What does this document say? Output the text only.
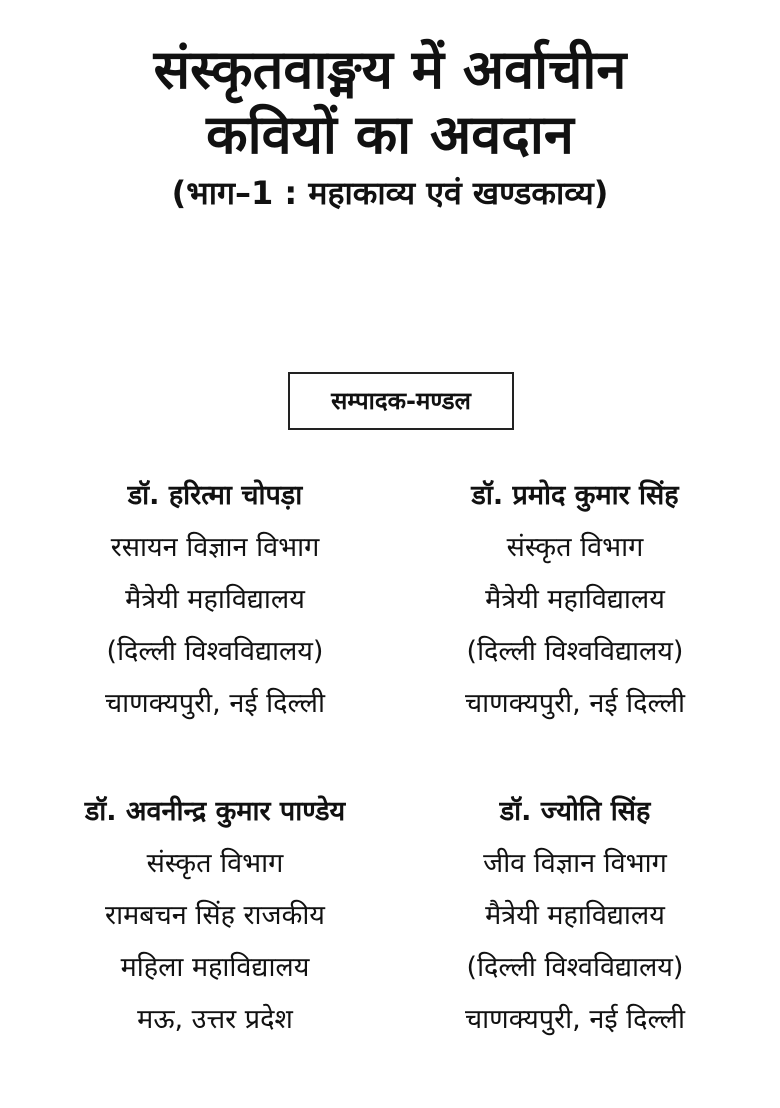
संस्कृतवाङ्मय में अर्वाचीन
कवियों का अवदान
(भाग–1 : महाकाव्य एवं खण्डकाव्य)
सम्पादक-मण्डल
डॉ. हरित्मा चोपड़ा
रसायन विज्ञान विभाग
मैत्रेयी महाविद्यालय
(दिल्ली विश्वविद्यालय)
चाणक्यपुरी, नई दिल्ली
डॉ. प्रमोद कुमार सिंह
संस्कृत विभाग
मैत्रेयी महाविद्यालय
(दिल्ली विश्वविद्यालय)
चाणक्यपुरी, नई दिल्ली
डॉ. अवनीन्द्र कुमार पाण्डेय
संस्कृत विभाग
रामबचन सिंह राजकीय
महिला महाविद्यालय
मऊ, उत्तर प्रदेश
डॉ. ज्योति सिंह
जीव विज्ञान विभाग
मैत्रेयी महाविद्यालय
(दिल्ली विश्वविद्यालय)
चाणक्यपुरी, नई दिल्ली
